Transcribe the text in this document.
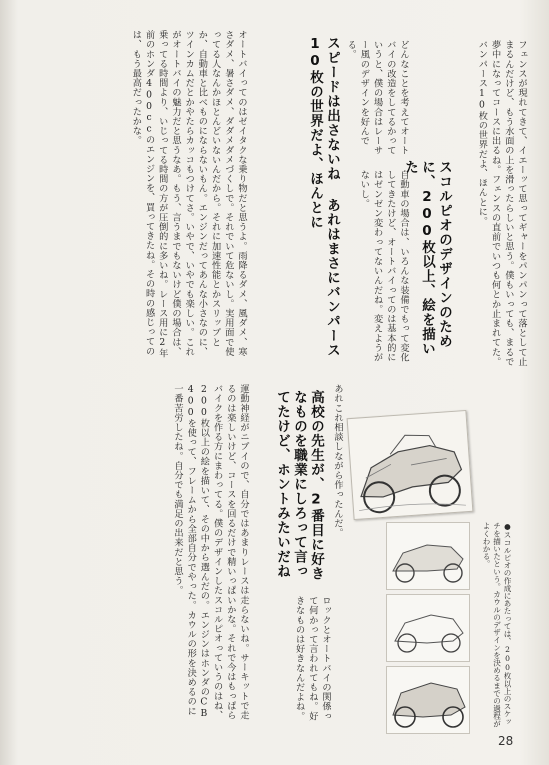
オートバイってのはゼイタクな乗り物だと思うよ。雨降るダメ、風ダメ、寒さダメ、暑さダメ、ダダメダメづくしで。それでいて危ないし。実用面で使ってる人なんかほとんどいないんだから。それに加速性能とかスリップとか、自動車と比べものにならないもん。エンジンだってあんな小さなのに、ツインカムだとかやたらカッコもつけてさ。いやで、いやでも楽しい。これがオートバイの魅力だと思うなあ。もう、言うまでもないけど僕の場合は、乗ってる時間より、いじってる時間の方が圧倒的に多いね。レース用に2年前のホンダ400ccのエンジンを、買ってきたね。その時の感じってのは、もう最高だったかな。	スピードは出さないね あれはまさにバンパース10枚の世界だよ、ほんとに
自動車の場合は、いろんな装備でもって変化してきたけど、オートバイってのは基本的にはゼンゼン変わってないんだね。変えようがないし。	スコルピオのデザインのために、200枚以上、絵を描いた	フェンスが現れてきて、イエーッて思ってギャーをパンパンって落として止まるんだけど、もう水面の上を滑ったらしいと思う。僕もいっても、まるで夢中になってコースに出るね。フェンスの直前でいつも何とか止まれてた。バンパース10枚の世界だよ、ほんとに。
どんなことを考えてオートバイの改造をしてるかっていうと、僕の場合はレーサー風のデザインを好んでる。
運動神経がニブイので、自分ではあまりレースは走らないね。サーキットで走るのは楽しいけど、コースを回るだけで精いっぱいかな。それで今はもっぱらバイクを作る方にまわってる。僕のデザインしたスコルピオっていうのはね、200枚以上の絵を描いて、その中から選んだの。エンジンはホンダのCB400を使って、フレームから全部自分でやった。カウルの形を決めるのに一番苦労したね。自分でも満足の出来だと思う。	高校の先生が、2番目に好きなものを職業にしろって言ってたけど、ホントみたいだね
ロックとオートバイの関係って何かって言われてもね。好きなものは好きなんだよね。
あれこれ相談しながら作ったんだ。
●スコルピオの作成にあたっては、200枚以上のスケッチを描いたという。カウルのデザインを決めるまでの過程がよくわかる。
28
